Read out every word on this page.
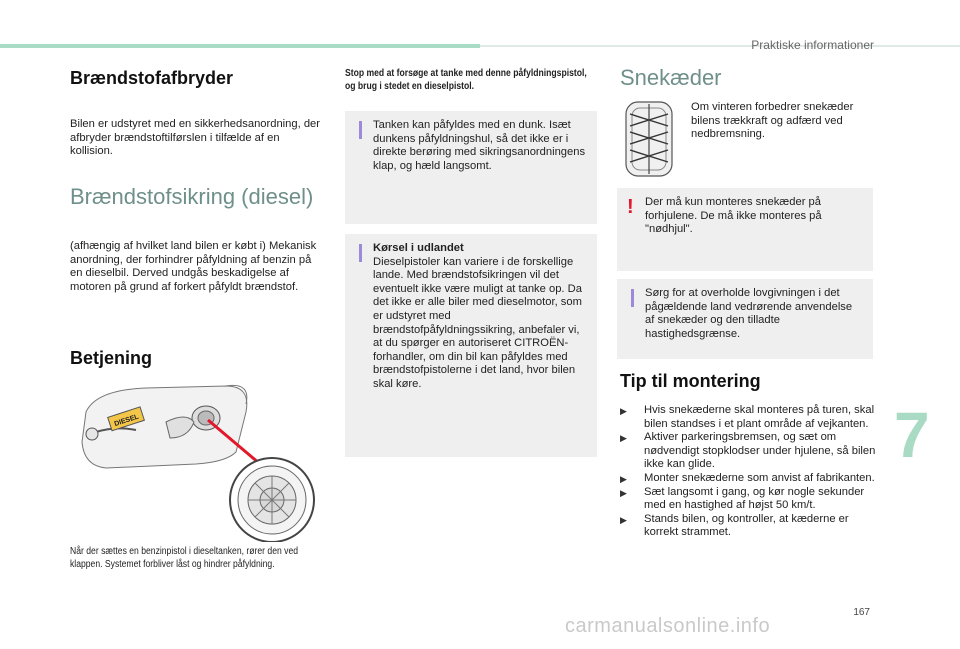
Praktiske informationer
Brændstofafbryder
Bilen er udstyret med en sikkerhedsanordning, der afbryder brændstoftilførslen i tilfælde af en kollision.
Brændstofsikring (diesel)
(afhængig af hvilket land bilen er købt i) Mekanisk anordning, der forhindrer påfyldning af benzin på en dieselbil. Derved undgås beskadigelse af motoren på grund af forkert påfyldt brændstof.
Betjening
DIESEL
Når der sættes en benzinpistol i dieseltanken, rører den ved klappen. Systemet forbliver låst og hindrer påfyldning.
Stop med at forsøge at tanke med denne påfyldningspistol, og brug i stedet en dieselpistol.
Tanken kan påfyldes med en dunk. Isæt dunkens påfyldningshul, så det ikke er i direkte berøring med sikringsanordningens klap, og hæld langsomt.
Kørsel i udlandet
Dieselpistoler kan variere i de forskellige lande. Med brændstofsikringen vil det eventuelt ikke være muligt at tanke op. Da det ikke er alle biler med dieselmotor, som er udstyret med brændstofpåfyldningssikring, anbefaler vi, at du spørger en autoriseret CITROËN-forhandler, om din bil kan påfyldes med brændstofpistolerne i det land, hvor bilen skal køre.
Snekæder
Om vinteren forbedrer snekæder bilens trækkraft og adfærd ved nedbremsning.
! Der må kun monteres snekæder på forhjulene. De må ikke monteres på "nødhjul".
Sørg for at overholde lovgivningen i det pågældende land vedrørende anvendelse af snekæder og den tilladte hastighedsgrænse.
Tip til montering
▶ Hvis snekæderne skal monteres på turen, skal bilen standses i et plant område af vejkanten.
▶ Aktiver parkeringsbremsen, og sæt om nødvendigt stopklodser under hjulene, så bilen ikke kan glide.
▶ Monter snekæderne som anvist af fabrikanten.
▶ Sæt langsomt i gang, og kør nogle sekunder med en hastighed af højst 50 km/t.
▶ Stands bilen, og kontroller, at kæderne er korrekt strammet.
7
167
carmanualsonline.info
